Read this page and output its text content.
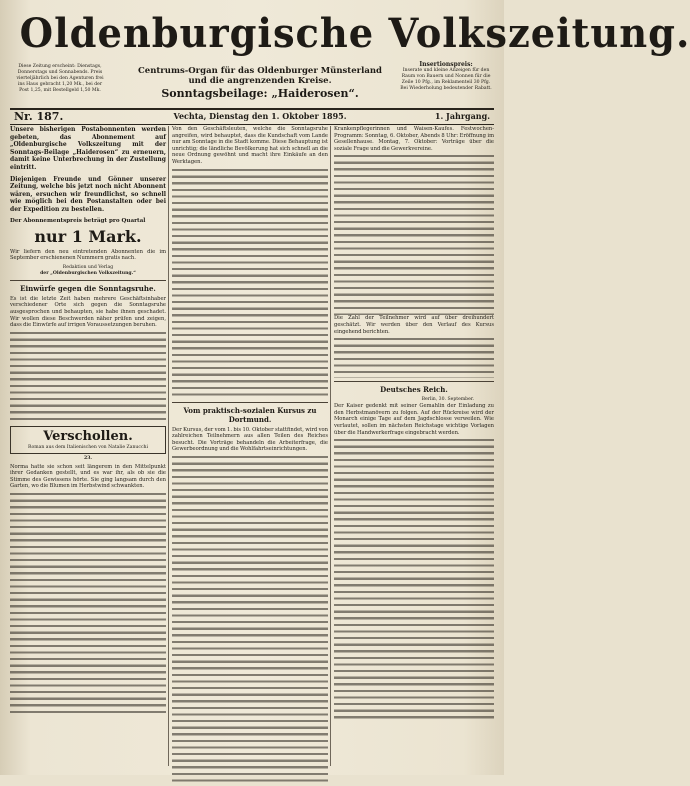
Oldenburgische Volkszeitung.
Diese Zeitung erscheint: Dienstags, Donnerstags und Sonnabends. Preis vierteljährlich bei den Agenturen frei ins Haus gebracht 1,20 Mk., bei der Post 1,25, mit Bestellgeld 1,50 Mk.
Centrums-Organ für das Oldenburger Münsterland
und die angrenzenden Kreise.
Sonntagsbeilage: „Haiderosen“.
Insertionspreis:
Inserate und kleine Anzeigen für den Raum von Bauern und Nonnen für die Zeile 10 Pfg., im Reklamenteil 30 Pfg. Bei Wiederholung bedeutender Rabatt.
Nr. 187.	Vechta, Dienstag den 1. Oktober 1895.	1. Jahrgang.
Unsere bisherigen Postabonnenten werden gebeten, das Abonnement auf „Oldenburgische Volkszeitung mit der Sonntags-Beilage „Haiderosen“ zu erneuern, damit keine Unterbrechung in der Zustellung eintritt.
Diejenigen Freunde und Gönner unserer Zeitung, welche bis jetzt noch nicht Abonnent wären, ersuchen wir freundlichst, so schnell wie möglich bei den Postanstalten oder bei der Expedition zu bestellen.
Der Abonnementspreis beträgt pro Quartal
nur 1 Mark.
Wir liefern den neu eintretenden Abonnenten die im September erschienenen Nummern gratis nach.
Redaktion und Verlag
der „Oldenburgischen Volkszeitung.“
Einwürfe gegen die Sonntagsruhe.
Es ist die letzte Zeit haben mehrere Geschäftsinhaber verschiedener Orte sich gegen die Sonntagsruhe ausgesprochen und behaupten, sie habe ihnen geschadet. Wir wollen diese Beschwerden näher prüfen und zeigen, dass die Einwürfe auf irrigen Voraussetzungen beruhen.
Verschollen.
Roman aus dem Italienischen von Natalie Zanucchi
23.
Norma hatte sie schon seit längerem in den Mittelpunkt ihrer Gedanken gestellt, und es war ihr, als ob sie die Stimme des Gewissens hörte. Sie ging langsam durch den Garten, wo die Blumen im Herbstwind schwankten.
Von den Geschäftsleuten, welche die Sonntagsruhe angreifen, wird behauptet, dass die Kundschaft vom Lande nur am Sonntage in die Stadt komme. Diese Behauptung ist unrichtig; die ländliche Bevölkerung hat sich schnell an die neue Ordnung gewöhnt und macht ihre Einkäufe an den Werktagen.
Vom praktisch-sozialen Kursus zu Dortmund.
Der Kursus, der vom 1. bis 10. Oktober stattfindet, wird von zahlreichen Teilnehmern aus allen Teilen des Reiches besucht. Die Vorträge behandeln die Arbeiterfrage, die Gewerbeordnung und die Wohlfahrtseinrichtungen.
Krankenpflegerinnen und Waisen-Kaufes. Festwochen-Programm: Sonntag, 6. Oktober, Abends 8 Uhr: Eröffnung im Gesellenhause. Montag, 7. Oktober: Vorträge über die soziale Frage und die Gewerkvereine.
Die Zahl der Teilnehmer wird auf über dreihundert geschätzt. Wir werden über den Verlauf des Kursus eingehend berichten.
Deutsches Reich.
Berlin, 30. September.
Der Kaiser gedenkt mit seiner Gemahlin der Einladung zu den Herbstmanövern zu folgen. Auf der Rückreise wird der Monarch einige Tage auf dem Jagdschlosse verweilen. Wie verlautet, sollen im nächsten Reichstage wichtige Vorlagen über die Handwerkerfrage eingebracht werden.
